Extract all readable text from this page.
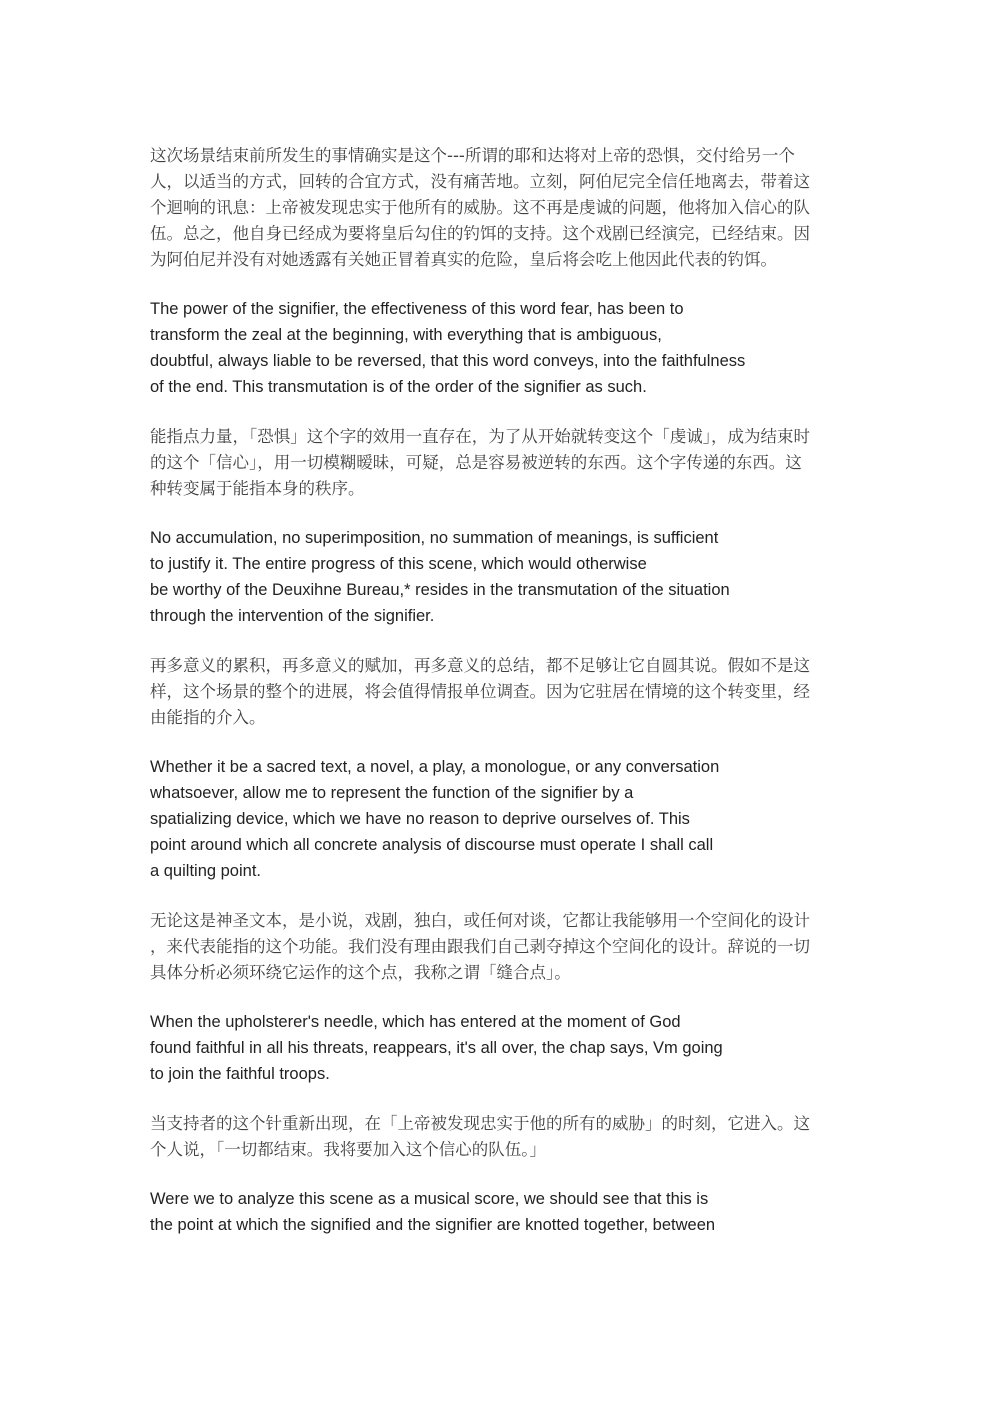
这次场景结束前所发生的事情确实是这个---所谓的耶和达将对上帝的恐惧，交付给另一个
人，以适当的方式，回转的合宜方式，没有痛苦地。立刻，阿伯尼完全信任地离去，带着这
个迴响的讯息：上帝被发现忠实于他所有的威胁。这不再是虔诚的问题，他将加入信心的队
伍。总之，他自身已经成为要将皇后勾住的钓饵的支持。这个戏剧已经演完，已经结束。因
为阿伯尼并没有对她透露有关她正冒着真实的危险，皇后将会吃上他因此代表的钓饵。

The power of the signifier, the effectiveness of this word fear, has been to
transform the zeal at the beginning, with everything that is ambiguous,
doubtful, always liable to be reversed, that this word conveys, into the faithfulness
of the end. This transmutation is of the order of the signifier as such.

能指点力量，「恐惧」这个字的效用一直存在，为了从开始就转变这个「虔诚」，成为结束时
的这个「信心」，用一切模糊暧昧，可疑，总是容易被逆转的东西。这个字传递的东西。这
种转变属于能指本身的秩序。

No accumulation, no superimposition, no summation of meanings, is sufficient
to justify it. The entire progress of this scene, which would otherwise
be worthy of the Deuxihne Bureau,* resides in the transmutation of the situation
through the intervention of the signifier.

再多意义的累积，再多意义的赋加，再多意义的总结，都不足够让它自圆其说。假如不是这
样，这个场景的整个的进展，将会值得情报单位调查。因为它驻居在情境的这个转变里，经
由能指的介入。

Whether it be a sacred text, a novel, a play, a monologue, or any conversation
whatsoever, allow me to represent the function of the signifier by a
spatializing device, which we have no reason to deprive ourselves of. This
point around which all concrete analysis of discourse must operate I shall call
a quilting point.

无论这是神圣文本，是小说，戏剧，独白，或任何对谈，它都让我能够用一个空间化的设计
，来代表能指的这个功能。我们没有理由跟我们自己剥夺掉这个空间化的设计。辞说的一切
具体分析必须环绕它运作的这个点，我称之谓「缝合点」。

When the upholsterer's needle, which has entered at the moment of God
found faithful in all his threats, reappears, it's all over, the chap says, Vm going
to join the faithful troops.

当支持者的这个针重新出现，在「上帝被发现忠实于他的所有的威胁」的时刻，它进入。这
个人说，「一切都结束。我将要加入这个信心的队伍。」

Were we to analyze this scene as a musical score, we should see that this is
the point at which the signified and the signifier are knotted together, between
